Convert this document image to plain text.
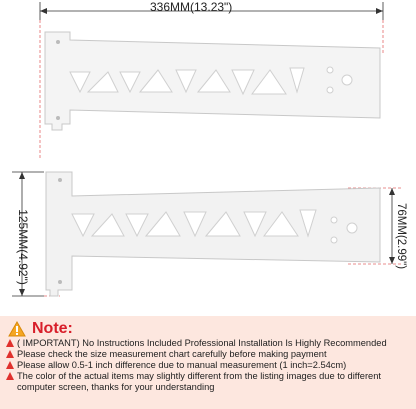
336MM(13.23")
125MM(4.92")	76MM(2.99")
Note:
( IMPORTANT) No Instructions Included Professional Installation Is Highly Recommended
Please check the size measurement chart carefully before making payment
Please allow 0.5-1 inch difference due to manual measurement (1 inch=2.54cm)
The color of the actual items may slightly different from the listing images due to different computer screen, thanks for your understanding
